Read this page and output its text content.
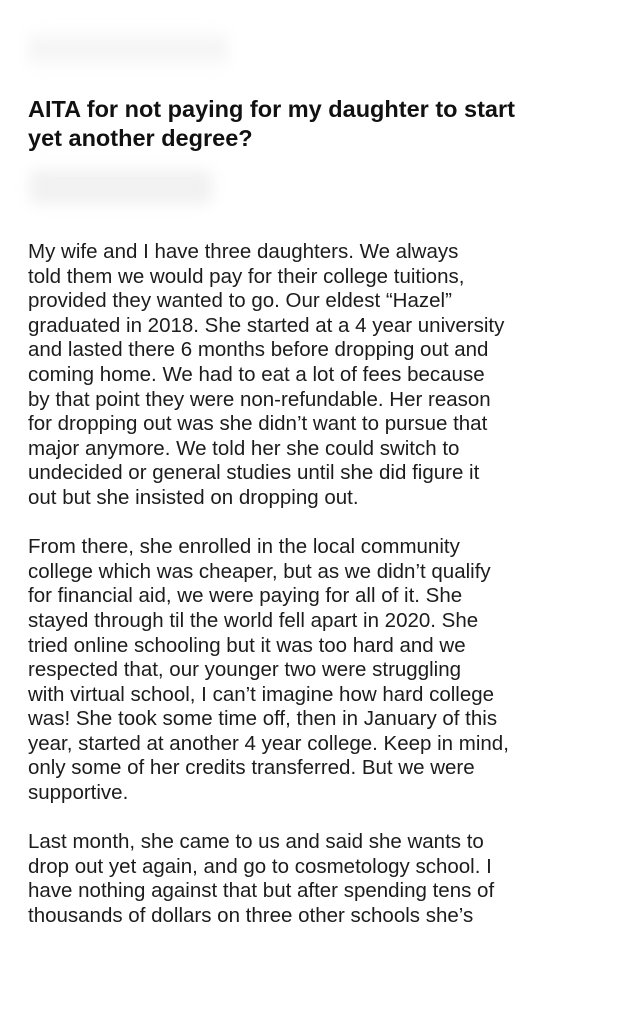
AITA for not paying for my daughter to start
yet another degree?
My wife and I have three daughters. We always
told them we would pay for their college tuitions,
provided they wanted to go. Our eldest “Hazel”
graduated in 2018. She started at a 4 year university
and lasted there 6 months before dropping out and
coming home. We had to eat a lot of fees because
by that point they were non-refundable. Her reason
for dropping out was she didn’t want to pursue that
major anymore. We told her she could switch to
undecided or general studies until she did figure it
out but she insisted on dropping out.
From there, she enrolled in the local community
college which was cheaper, but as we didn’t qualify
for financial aid, we were paying for all of it. She
stayed through til the world fell apart in 2020. She
tried online schooling but it was too hard and we
respected that, our younger two were struggling
with virtual school, I can’t imagine how hard college
was! She took some time off, then in January of this
year, started at another 4 year college. Keep in mind,
only some of her credits transferred. But we were
supportive.
Last month, she came to us and said she wants to
drop out yet again, and go to cosmetology school. I
have nothing against that but after spending tens of
thousands of dollars on three other schools she’s
